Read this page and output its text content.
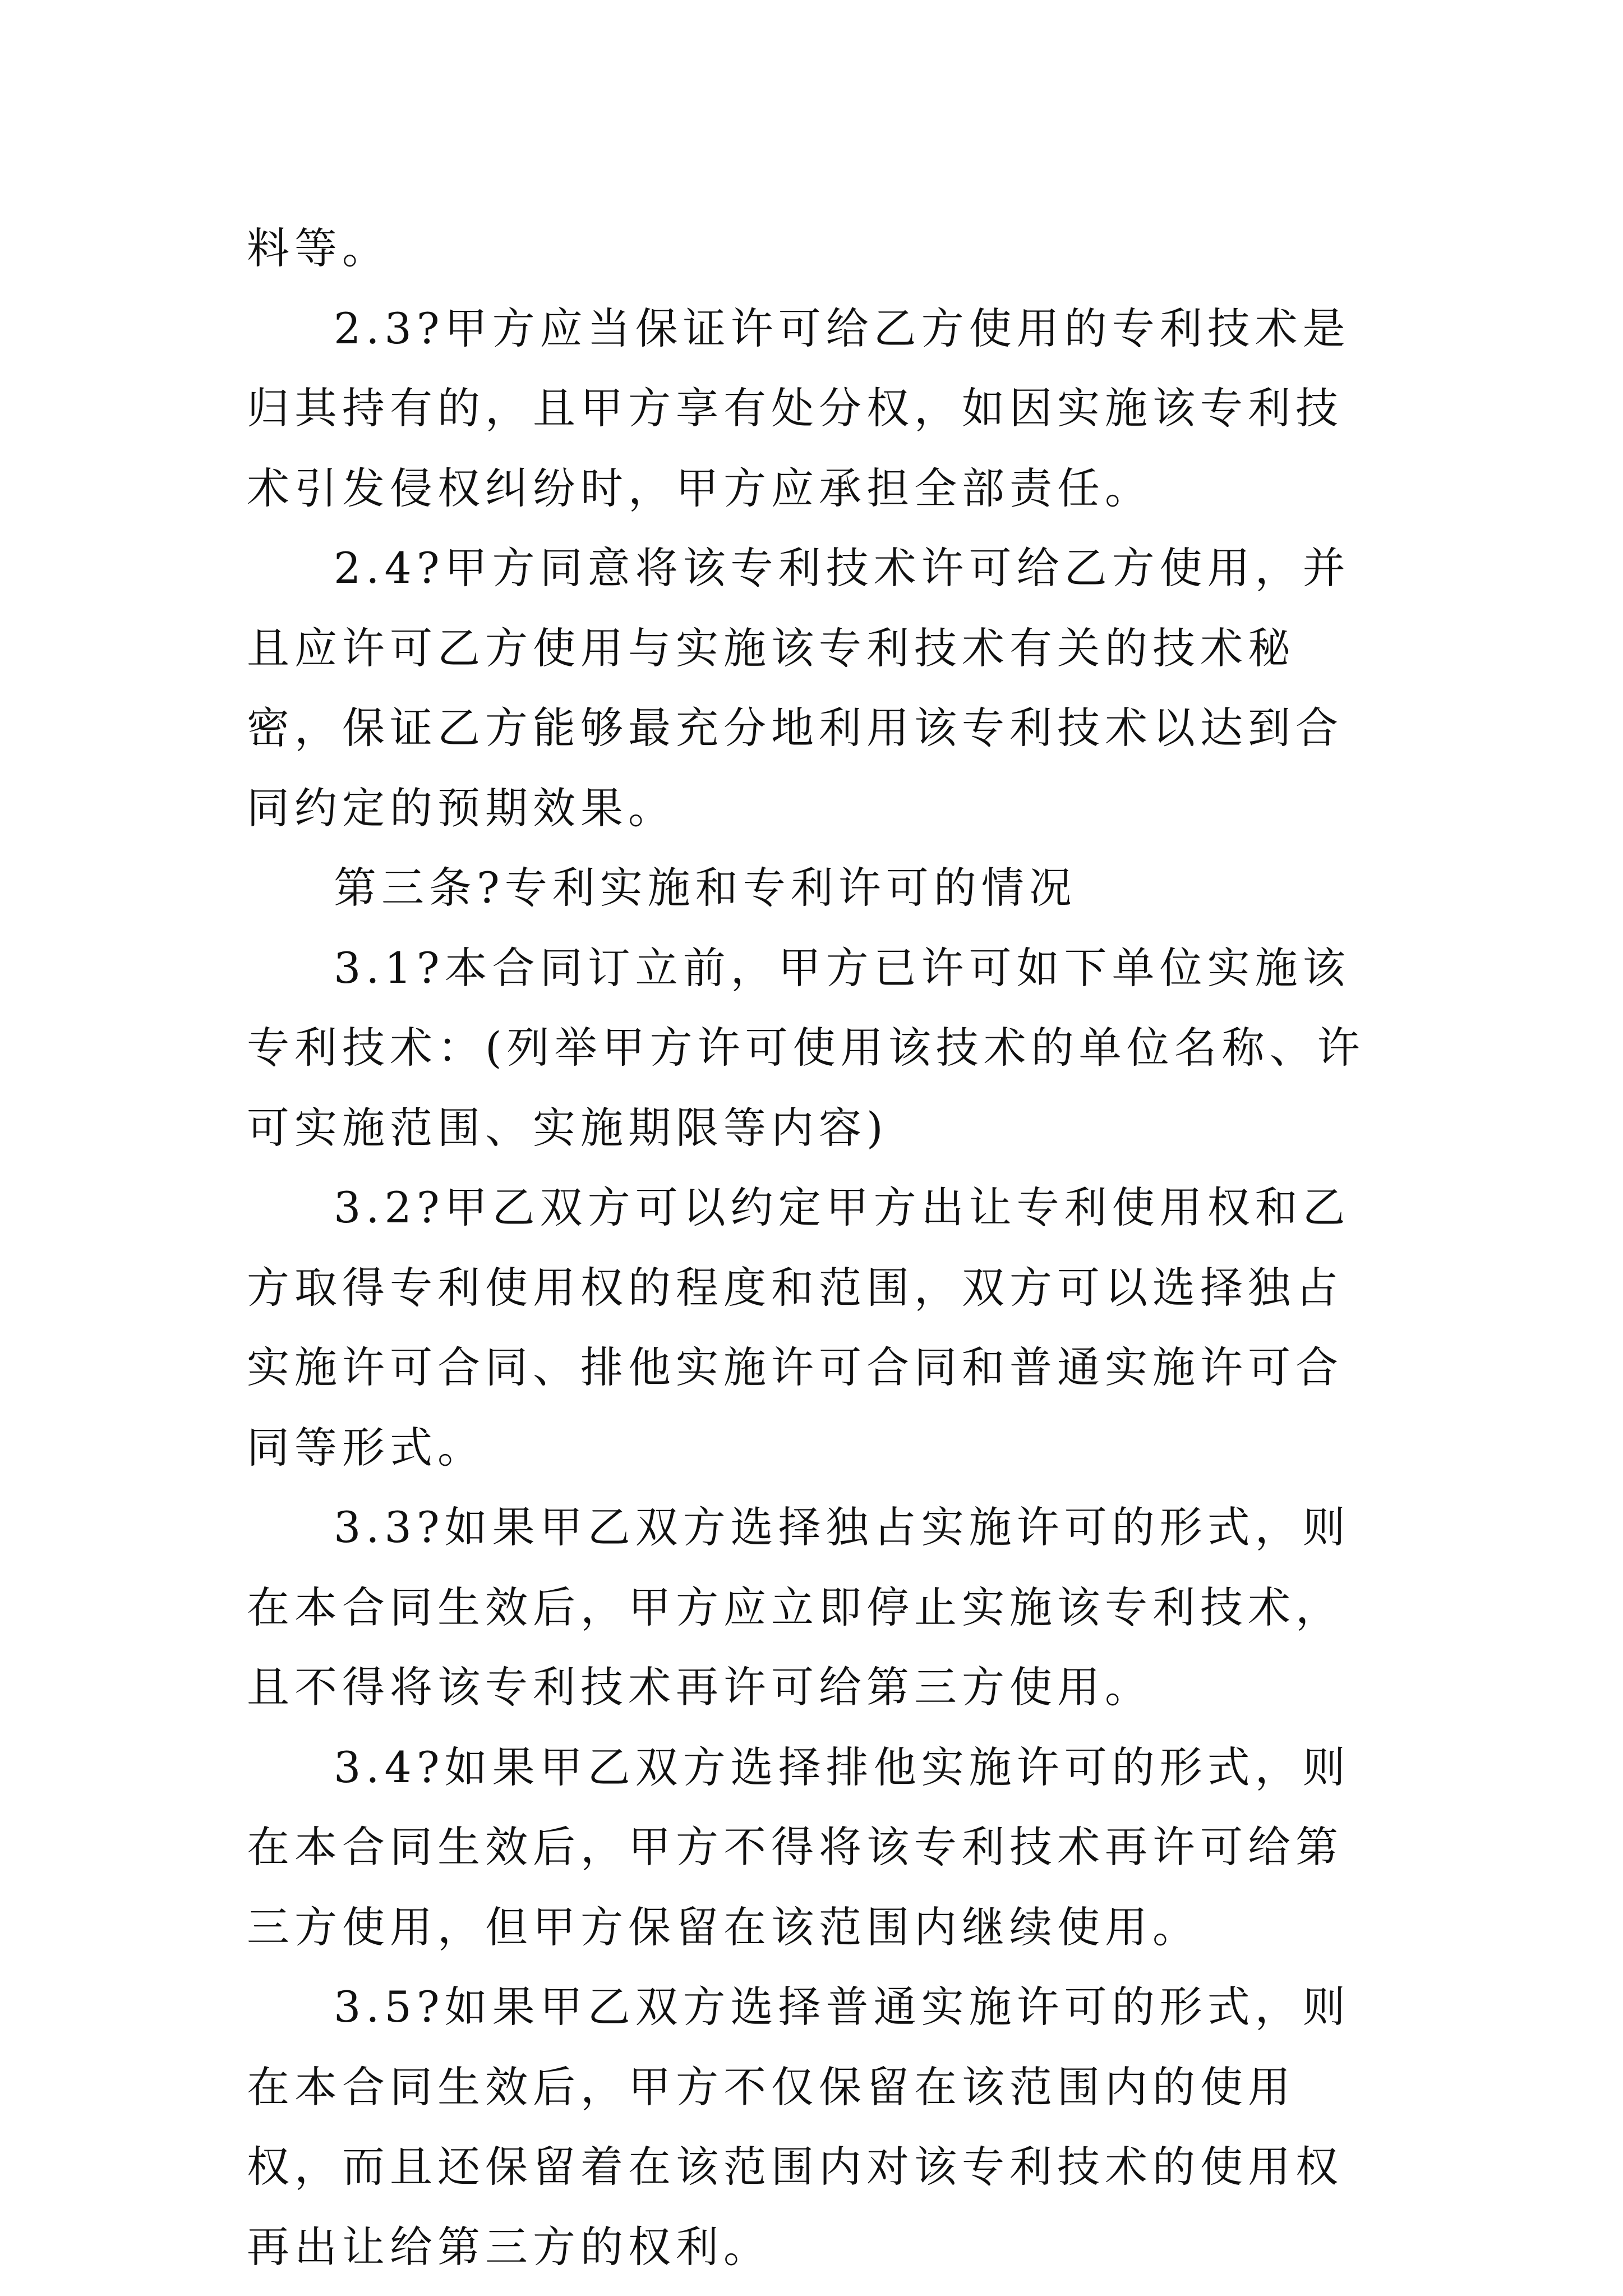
料等。

2.3?甲方应当保证许可给乙方使用的专利技术是归其持有的，且甲方享有处分权，如因实施该专利技术引发侵权纠纷时，甲方应承担全部责任。

2.4?甲方同意将该专利技术许可给乙方使用，并且应许可乙方使用与实施该专利技术有关的技术秘密，保证乙方能够最充分地利用该专利技术以达到合同约定的预期效果。

第三条?专利实施和专利许可的情况

3.1?本合同订立前，甲方已许可如下单位实施该专利技术：(列举甲方许可使用该技术的单位名称、许可实施范围、实施期限等内容)

3.2?甲乙双方可以约定甲方出让专利使用权和乙方取得专利使用权的程度和范围，双方可以选择独占实施许可合同、排他实施许可合同和普通实施许可合同等形式。

3.3?如果甲乙双方选择独占实施许可的形式，则在本合同生效后，甲方应立即停止实施该专利技术，且不得将该专利技术再许可给第三方使用。

3.4?如果甲乙双方选择排他实施许可的形式，则在本合同生效后，甲方不得将该专利技术再许可给第三方使用，但甲方保留在该范围内继续使用。

3.5?如果甲乙双方选择普通实施许可的形式，则在本合同生效后，甲方不仅保留在该范围内的使用权，而且还保留着在该范围内对该专利技术的使用权再出让给第三方的权利。
